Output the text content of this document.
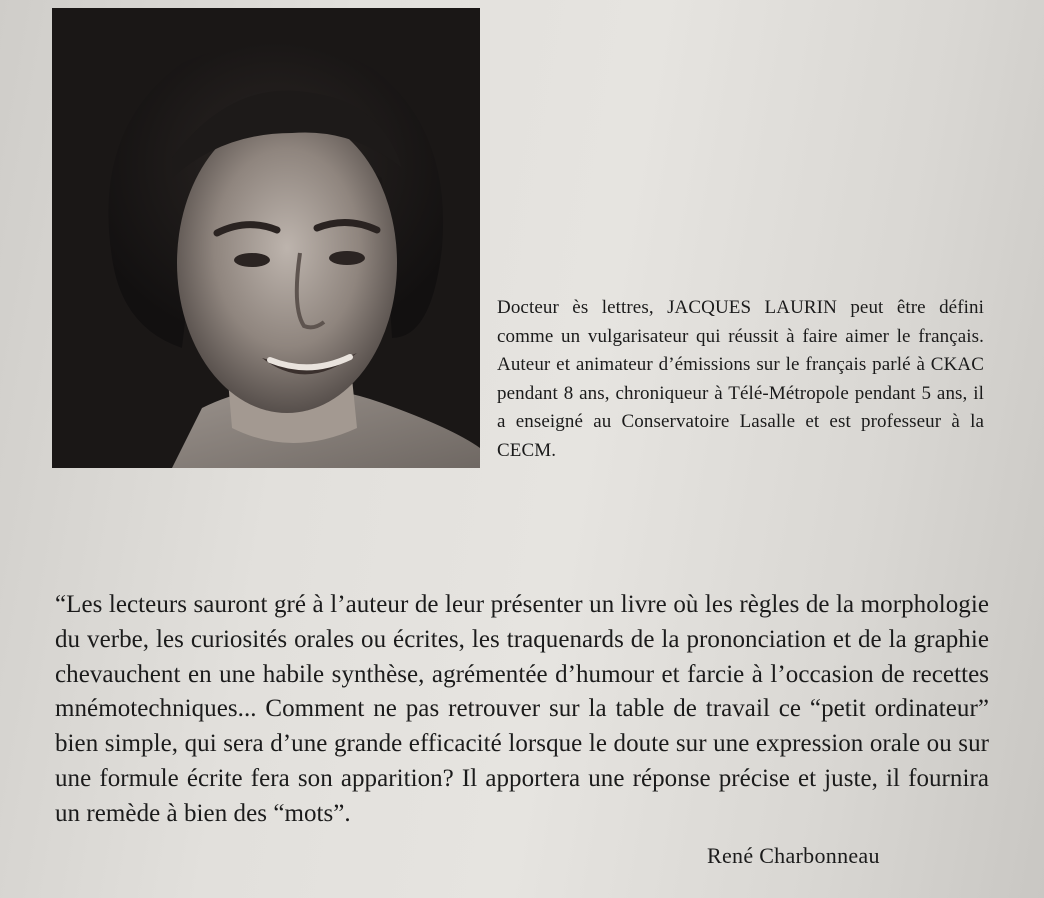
Docteur ès lettres, JACQUES LAURIN peut être défini comme un vulgarisateur qui réussit à faire aimer le français. Auteur et animateur d’émissions sur le français parlé à CKAC pendant 8 ans, chroniqueur à Télé-Métropole pendant 5 ans, il a enseigné au Conservatoire Lasalle et est professeur à la CECM.

“Les lecteurs sauront gré à l’auteur de leur présenter un livre où les règles de la morphologie du verbe, les curiosités orales ou écrites, les traquenards de la prononciation et de la graphie chevauchent en une habile synthèse, agrémentée d’humour et farcie à l’occasion de recettes mnémotechniques... Comment ne pas retrouver sur la table de travail ce “petit ordinateur” bien simple, qui sera d’une grande efficacité lorsque le doute sur une expression orale ou sur une formule écrite fera son apparition? Il apportera une réponse précise et juste, il fournira un remède à bien des “mots”.

René Charbonneau
